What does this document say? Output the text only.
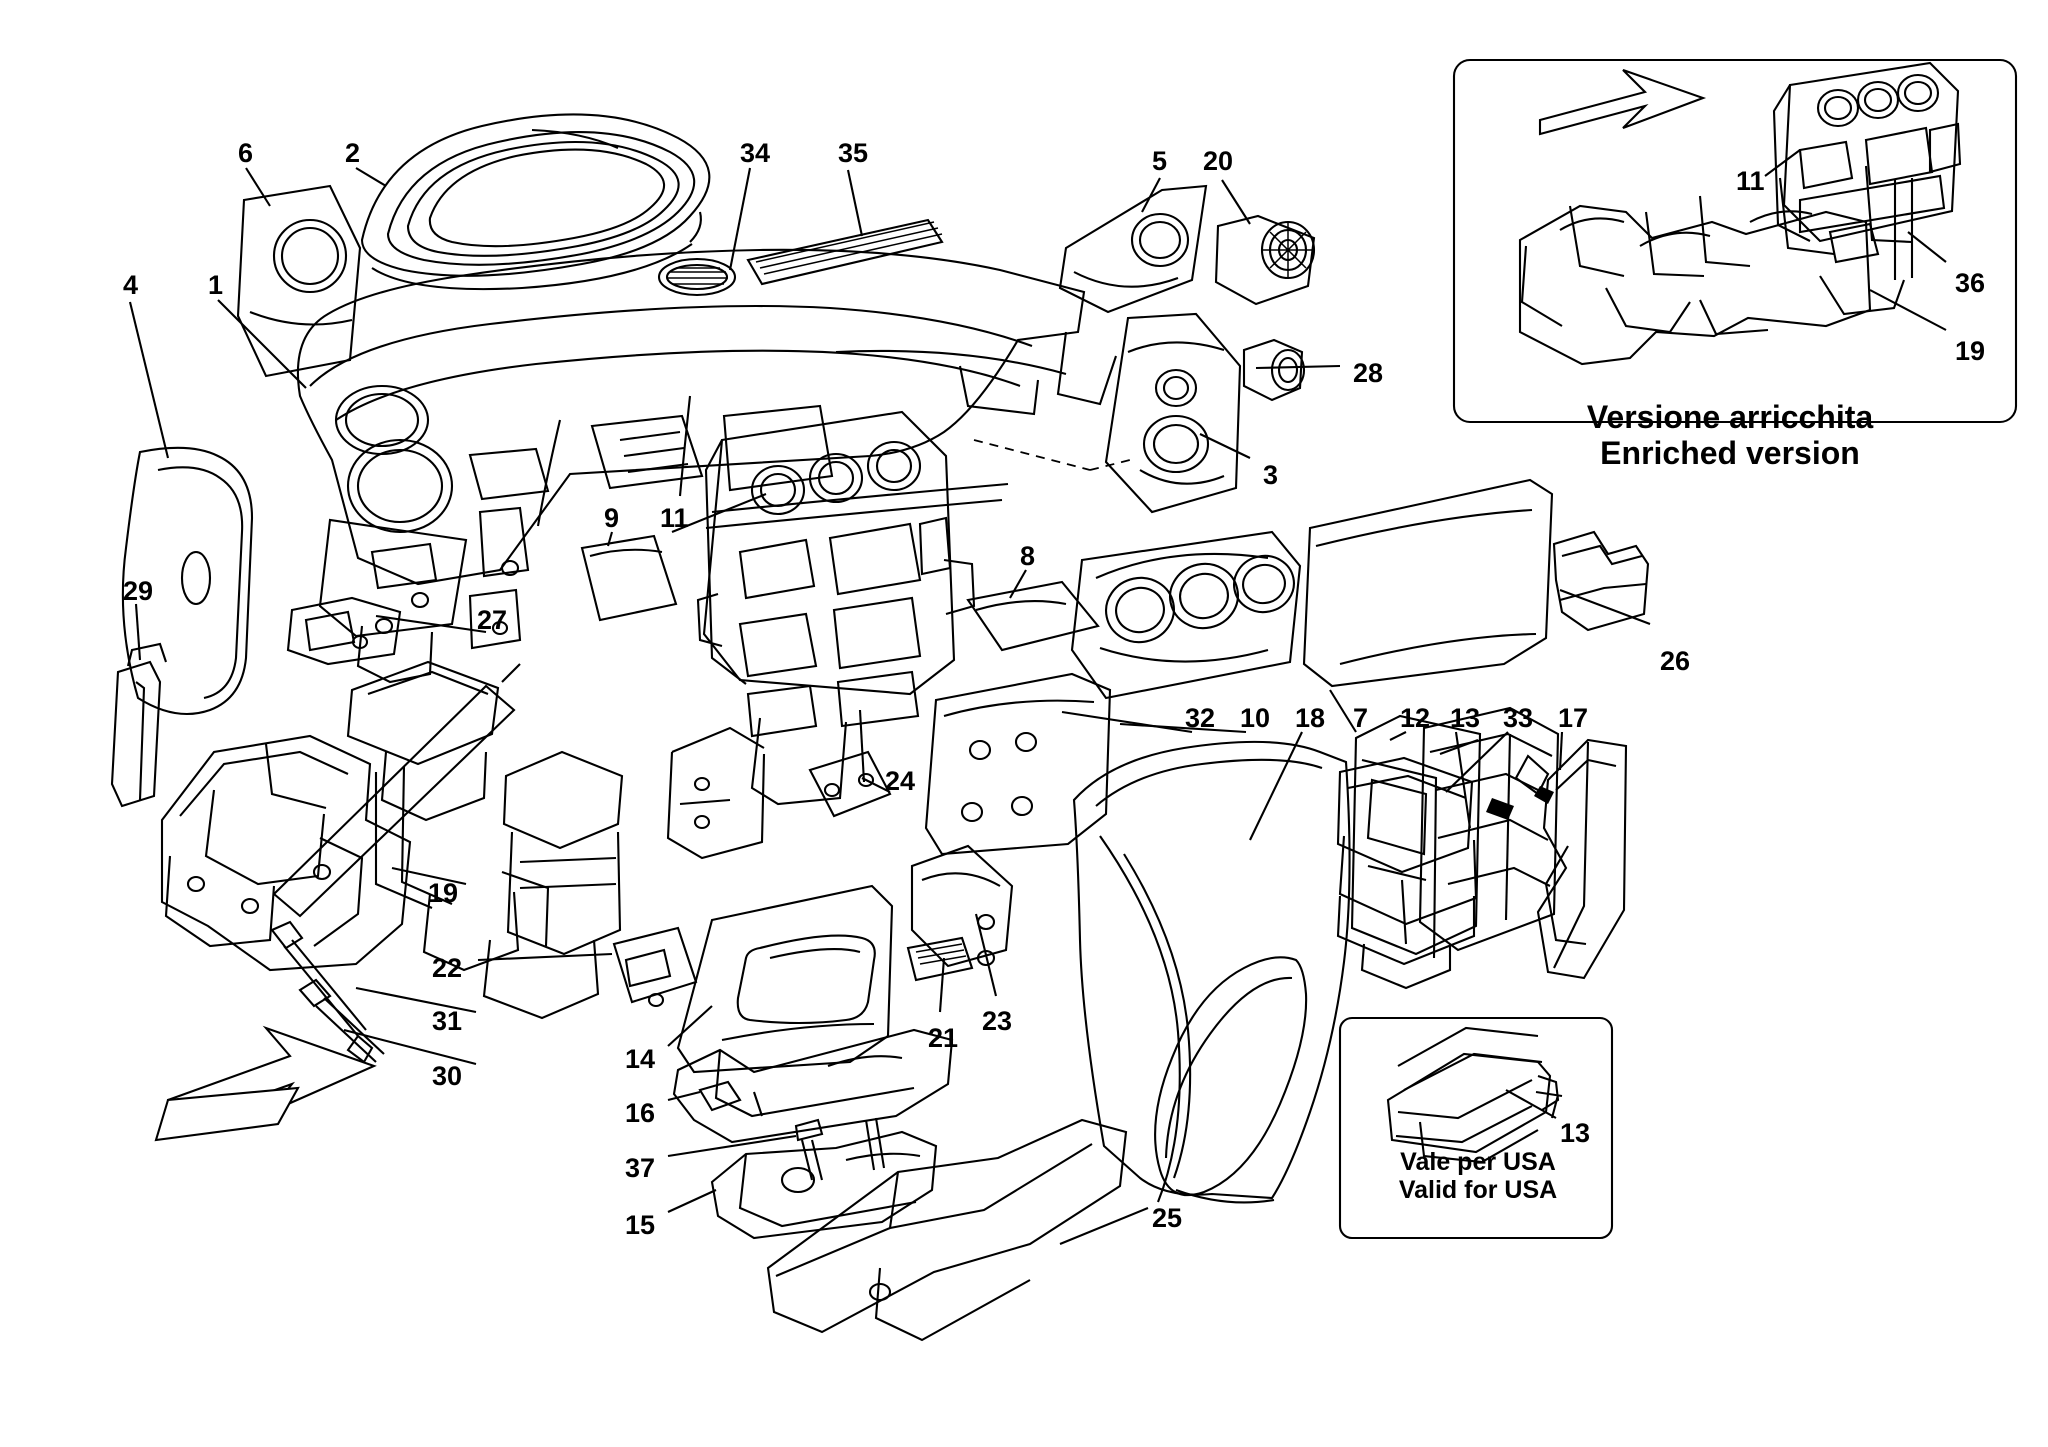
6	2	34	35	5 20
4	1
11
36
28
19
3
29
9 11
8
27
26
32 10 18 7 12 13 33 17
24
19
22
31
30
14
21
23
16
37
13
15	25
Versione arricchita
Enriched version
Vale per USA
Valid for USA
